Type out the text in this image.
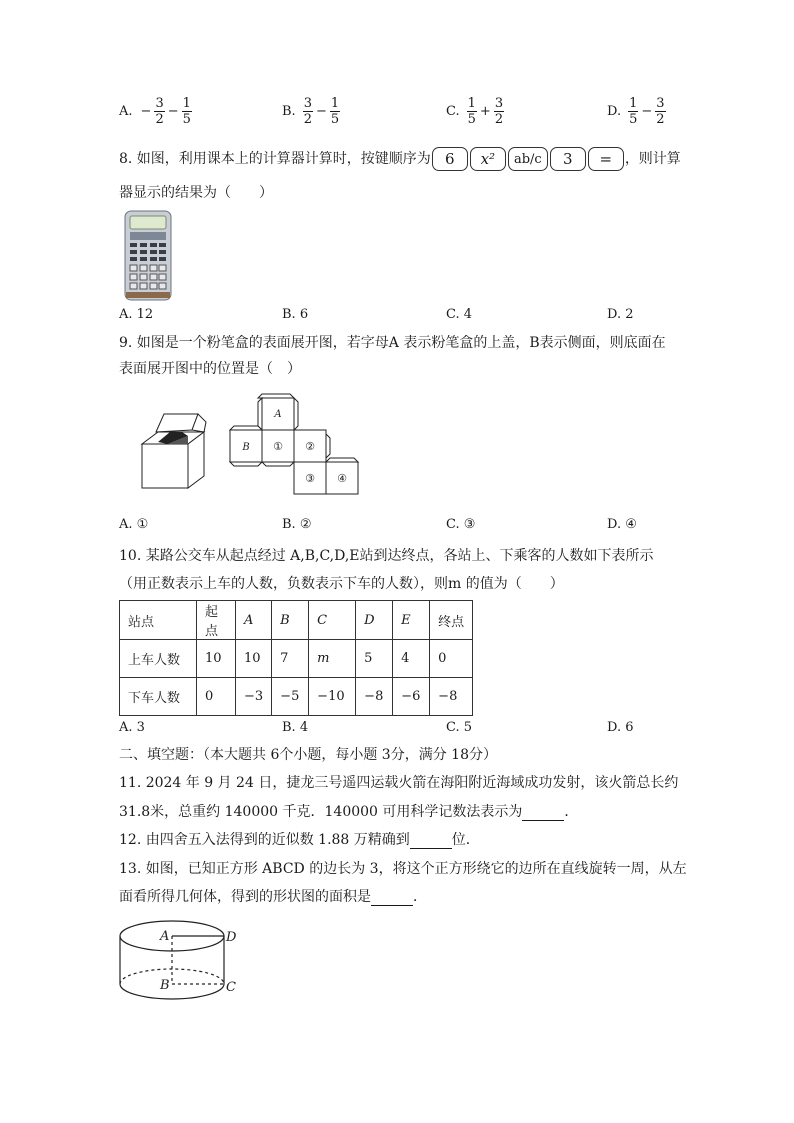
A. − $\frac{3}{2} - \frac{1}{5}$	B. $\frac{3}{2} - \frac{1}{5}$	C. $\frac{1}{5} + \frac{3}{2}$	D. $\frac{1}{5} - \frac{3}{2}$
8. 如图，利用课本上的计算器计算时，按键顺序为 6 x² ab/c 3 = ，则计算
器显示的结果为（　　）
A. 12	B. 6	C. 4	D. 2
9. 如图是一个粉笔盒的表面展开图，若字母A 表示粉笔盒的上盖，B表示侧面，则底面在
表面展开图中的位置是（　）
A
B ① ②
③ ④
A. ①	B. ②	C. ③	D. ④
10. 某路公交车从起点经过 A,B,C,D,E站到达终点，各站上、下乘客的人数如下表所示
（用正数表示上车的人数，负数表示下车的人数），则m 的值为（　　）
站点	起点	A	B	C	D	E	终点
上车人数	10	10	7	m	5	4	0
下车人数	0	−3	−5	−10	−8	−6	−8
A. 3	B. 4	C. 5	D. 6
二、填空题：（本大题共 6个小题，每小题 3分，满分 18分）
11. 2024 年 9 月 24 日，捷龙三号遥四运载火箭在海阳附近海域成功发射，该火箭总长约
31.8米，总重约 140000 千克．140000 可用科学记数法表示为	．
12. 由四舍五入法得到的近似数 1.88 万精确到	位．
13. 如图，已知正方形 ABCD 的边长为 3，将这个正方形绕它的边所在直线旋转一周，从左
面看所得几何体，得到的形状图的面积是	．
A	D
B	C
